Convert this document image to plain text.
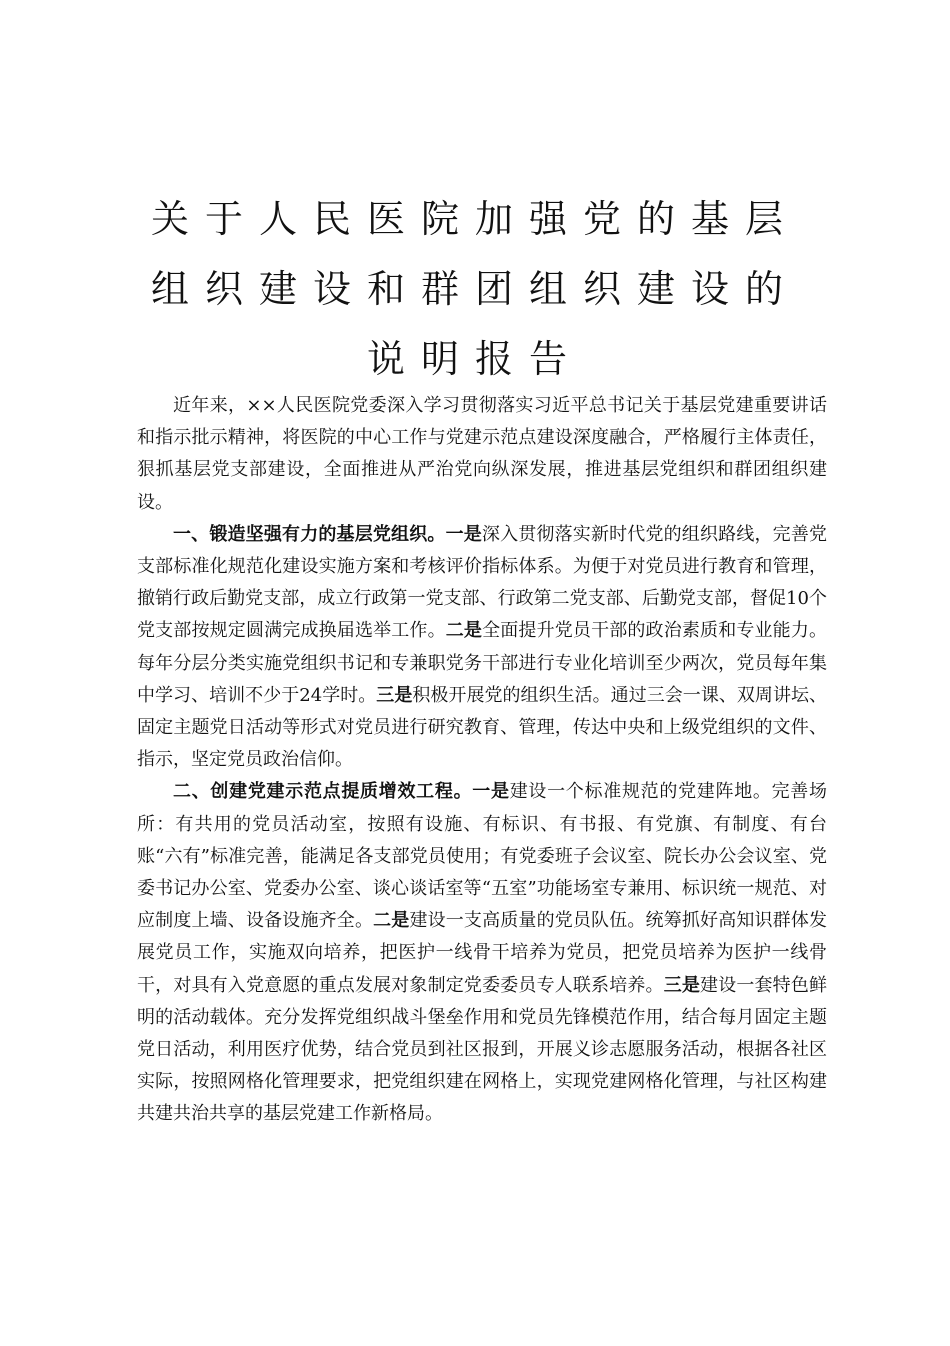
关于人民医院加强党的基层组织建设和群团组织建设的说明报告

近年来，××人民医院党委深入学习贯彻落实习近平总书记关于基层党建重要讲话和指示批示精神，将医院的中心工作与党建示范点建设深度融合，严格履行主体责任，狠抓基层党支部建设，全面推进从严治党向纵深发展，推进基层党组织和群团组织建设。

一、锻造坚强有力的基层党组织。一是深入贯彻落实新时代党的组织路线，完善党支部标准化规范化建设实施方案和考核评价指标体系。为便于对党员进行教育和管理，撤销行政后勤党支部，成立行政第一党支部、行政第二党支部、后勤党支部，督促10个党支部按规定圆满完成换届选举工作。二是全面提升党员干部的政治素质和专业能力。每年分层分类实施党组织书记和专兼职党务干部进行专业化培训至少两次，党员每年集中学习、培训不少于24学时。三是积极开展党的组织生活。通过三会一课、双周讲坛、固定主题党日活动等形式对党员进行研究教育、管理，传达中央和上级党组织的文件、指示，坚定党员政治信仰。

二、创建党建示范点提质增效工程。一是建设一个标准规范的党建阵地。完善场所：有共用的党员活动室，按照有设施、有标识、有书报、有党旗、有制度、有台账“六有”标准完善，能满足各支部党员使用；有党委班子会议室、院长办公会议室、党委书记办公室、党委办公室、谈心谈话室等“五室”功能场室专兼用、标识统一规范、对应制度上墙、设备设施齐全。二是建设一支高质量的党员队伍。统筹抓好高知识群体发展党员工作，实施双向培养，把医护一线骨干培养为党员，把党员培养为医护一线骨干，对具有入党意愿的重点发展对象制定党委委员专人联系培养。三是建设一套特色鲜明的活动载体。充分发挥党组织战斗堡垒作用和党员先锋模范作用，结合每月固定主题党日活动，利用医疗优势，结合党员到社区报到，开展义诊志愿服务活动，根据各社区实际，按照网格化管理要求，把党组织建在网格上，实现党建网格化管理，与社区构建共建共治共享的基层党建工作新格局。
